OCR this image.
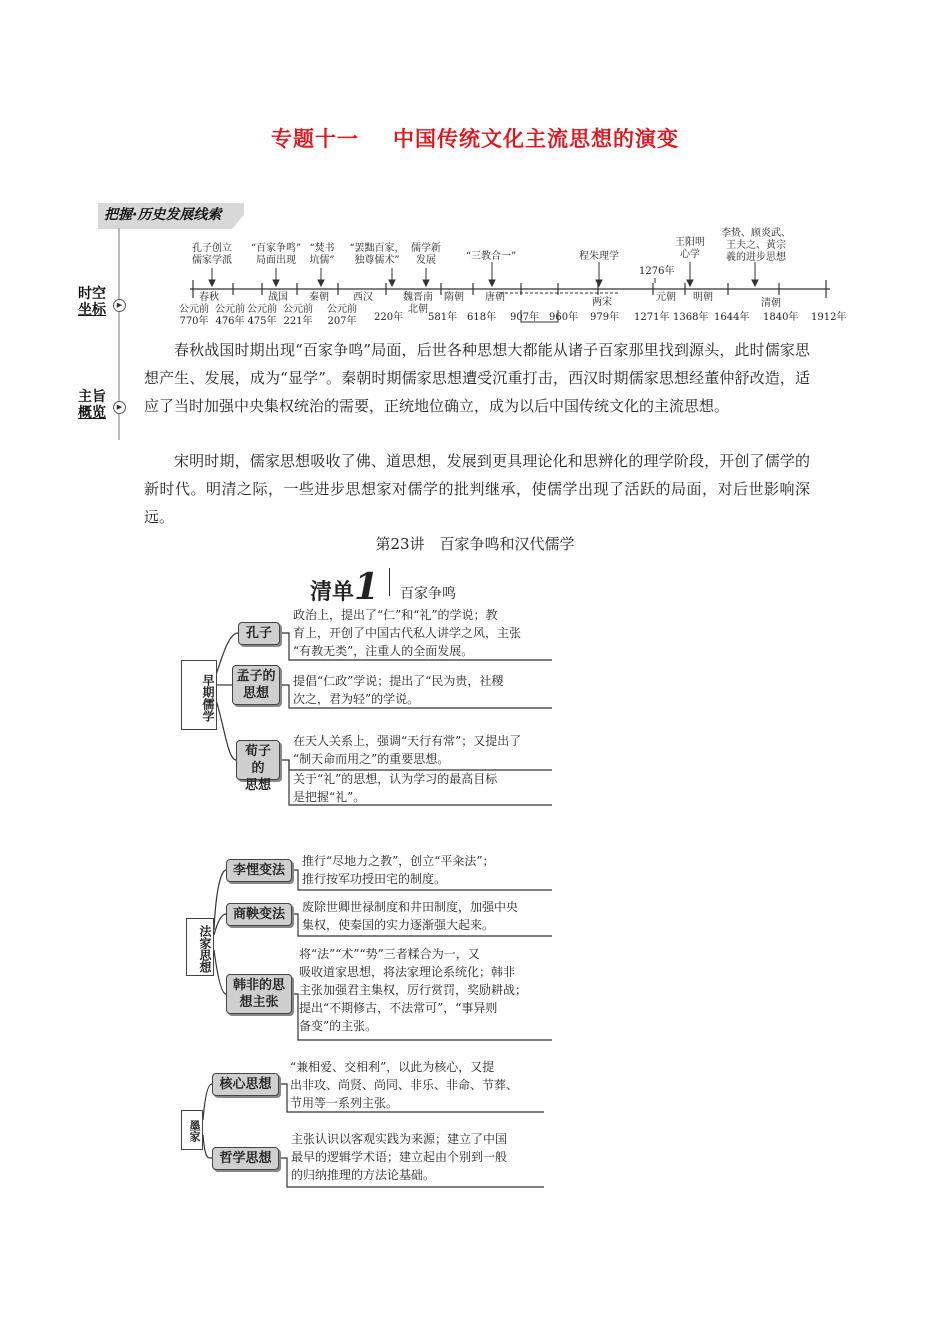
专题十一 中国传统文化主流思想的演变
把握·历史发展线索
时空
坐标	▶
主旨
概览	▶
孔子创立
儒家学派
“百家争鸣”
局面出现
“焚书
坑儒”
“罢黜百家，
独尊儒术”
儒学新
发展	“三教合一”	程朱理学
王阳明
心学
李贽、顾炎武、
王夫之、黄宗
羲的进步思想
1276年
春秋	战国 秦朝 西汉	魏晋南
北朝
隋朝 唐朝	两宋	元朝 明朝
清朝
公元前
770年
公元前
476年
公元前
475年
公元前
221年
公元前
207年	220年 581年 618年 907年 960年 979年 1271年 1368年 1644年 1840年 1912年
春秋战国时期出现“百家争鸣”局面，后世各种思想大都能从诸子百家那里找到源头，此时儒家思想产生、发展，成为“显学”。秦朝时期儒家思想遭受沉重打击，西汉时期儒家思想经董仲舒改造，适应了当时加强中央集权统治的需要，正统地位确立，成为以后中国传统文化的主流思想。
宋明时期，儒家思想吸收了佛、道思想，发展到更具理论化和思辨化的理学阶段，开创了儒学的新时代。明清之际，一些进步思想家对儒学的批判继承，使儒学出现了活跃的局面，对后世影响深远。
第23讲　百家争鸣和汉代儒学
清单1 百家争鸣
早期儒学
孔子
政治上，提出了“仁”和“礼”的学说；教
育上，开创了中国古代私人讲学之风，主张
“有教无类”，注重人的全面发展。
孟子的
思想
提倡“仁政”学说；提出了“民为贵，社稷
次之，君为轻”的学说。
荀子的
思想
在天人关系上，强调“天行有常”；又提出了
“制天命而用之”的重要思想。
关于“礼”的思想，认为学习的最高目标
是把握“礼”。
法家思想
李悝变法
推行“尽地力之教”，创立“平籴法”；
推行按军功授田宅的制度。
商鞅变法	废除世卿世禄制度和井田制度，加强中央
集权，使秦国的实力逐渐强大起来。
韩非的思
想主张
将“法”“术”“势”三者糅合为一，又
吸收道家思想，将法家理论系统化；韩非
主张加强君主集权，厉行赏罚，奖励耕战；
提出“不期修古，不法常可”，“事异则
备变”的主张。
墨家
核心思想
“兼相爱、交相利”，以此为核心，又提
出非攻、尚贤、尚同、非乐、非命、节葬、
节用等一系列主张。
哲学思想
主张认识以客观实践为来源；建立了中国
最早的逻辑学术语；建立起由个别到一般
的归纳推理的方法论基础。
